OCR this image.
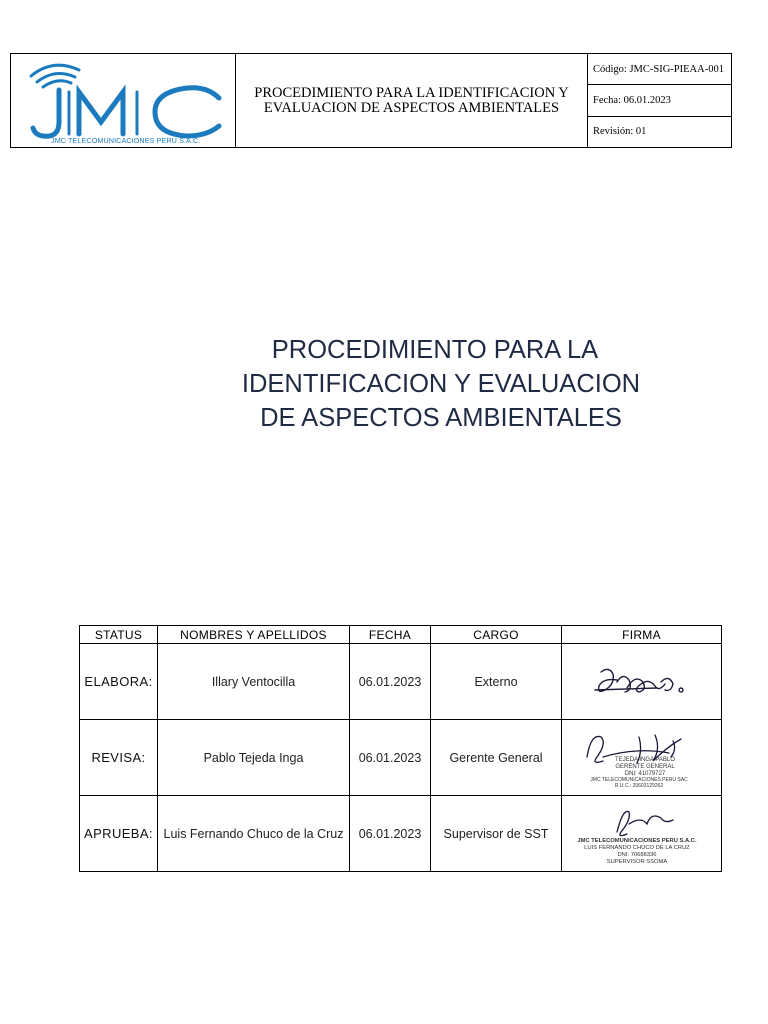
JMC TELECOMUNICACIONES PERU S.A.C.
PROCEDIMIENTO PARA LA IDENTIFICACION Y
EVALUACION DE ASPECTOS AMBIENTALES
Código: JMC-SIG-PIEAA-001
Fecha: 06.01.2023
Revisión: 01
PROCEDIMIENTO PARA LA
IDENTIFICACION Y EVALUACION
DE ASPECTOS AMBIENTALES
STATUS	NOMBRES Y APELLIDOS	FECHA	CARGO	FIRMA
ELABORA:	Illary Ventocilla	06.01.2023	Externo	

REVISA:	Pablo Tejeda Inga	06.01.2023	Gerente General	TEJEDA INGA PABLO
GERENTE GENERAL
DNI: 41079727
JMC TELECOMUNICACIONES PERU SAC
R.U.C.: 20603129262

APRUEBA:	Luis Fernando Chuco de la Cruz	06.01.2023	Supervisor de SST	JMC TELECOMUNICACIONES PERU S.A.C.
LUIS FERNANDO CHUCO DE LA CRUZ
DNI: 70688336
SUPERVISOR SSOMA
